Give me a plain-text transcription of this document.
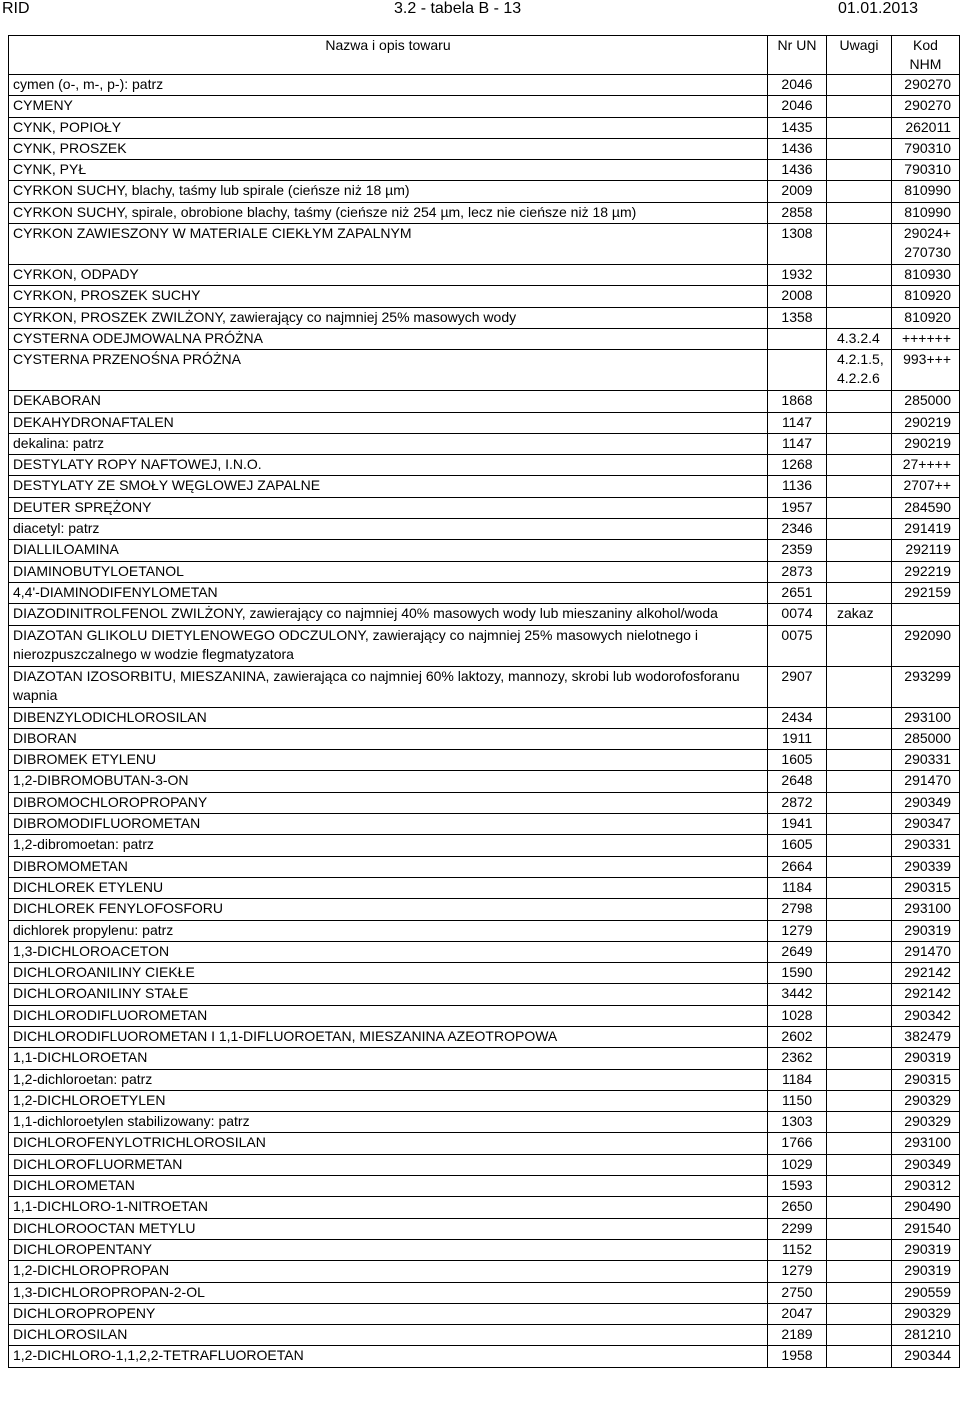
RID	3.2 - tabela B - 13	01.01.2013
Nazwa i opis towaru	Nr UN	Uwagi	Kod NHM
cymen (o-, m-, p-): patrz	2046		290270
CYMENY	2046		290270
CYNK, POPIOŁY	1435		262011
CYNK, PROSZEK	1436		790310
CYNK, PYŁ	1436		790310
CYRKON SUCHY, blachy, taśmy lub spirale (cieńsze niż 18 µm)	2009		810990
CYRKON SUCHY, spirale, obrobione blachy, taśmy (cieńsze niż 254 µm, lecz nie cieńsze niż 18 µm)	2858		810990
CYRKON ZAWIESZONY W MATERIALE CIEKŁYM ZAPALNYM	1308		29024+ 270730
CYRKON, ODPADY	1932		810930
CYRKON, PROSZEK SUCHY	2008		810920
CYRKON, PROSZEK ZWILŻONY, zawierający co najmniej 25% masowych wody	1358		810920
CYSTERNA ODEJMOWALNA PRÓŻNA		4.3.2.4	++++++
CYSTERNA PRZENOŚNA PRÓŻNA		4.2.1.5, 4.2.2.6	993+++
DEKABORAN	1868		285000
DEKAHYDRONAFTALEN	1147		290219
dekalina: patrz	1147		290219
DESTYLATY ROPY NAFTOWEJ, I.N.O.	1268		27++++
DESTYLATY ZE SMOŁY WĘGLOWEJ ZAPALNE	1136		2707++
DEUTER SPRĘŻONY	1957		284590
diacetyl: patrz	2346		291419
DIALLILOAMINA	2359		292119
DIAMINOBUTYLOETANOL	2873		292219
4,4'-DIAMINODIFENYLOMETAN	2651		292159
DIAZODINITROLFENOL ZWILŻONY, zawierający co najmniej 40% masowych wody lub mieszaniny alkohol/woda	0074	zakaz	
DIAZOTAN GLIKOLU DIETYLENOWEGO ODCZULONY, zawierający co najmniej 25% masowych nielotnego i nierozpuszczalnego w wodzie flegmatyzatora	0075		292090
DIAZOTAN IZOSORBITU, MIESZANINA, zawierająca co najmniej 60% laktozy, mannozy, skrobi lub wodorofosforanu wapnia	2907		293299
DIBENZYLODICHLOROSILAN	2434		293100
DIBORAN	1911		285000
DIBROMEK ETYLENU	1605		290331
1,2-DIBROMOBUTAN-3-ON	2648		291470
DIBROMOCHLOROPROPANY	2872		290349
DIBROMODIFLUOROMETAN	1941		290347
1,2-dibromoetan: patrz	1605		290331
DIBROMOMETAN	2664		290339
DICHLOREK ETYLENU	1184		290315
DICHLOREK FENYLOFOSFORU	2798		293100
dichlorek propylenu: patrz	1279		290319
1,3-DICHLOROACETON	2649		291470
DICHLOROANILINY CIEKŁE	1590		292142
DICHLOROANILINY STAŁE	3442		292142
DICHLORODIFLUOROMETAN	1028		290342
DICHLORODIFLUOROMETAN I 1,1-DIFLUOROETAN, MIESZANINA AZEOTROPOWA	2602		382479
1,1-DICHLOROETAN	2362		290319
1,2-dichloroetan: patrz	1184		290315
1,2-DICHLOROETYLEN	1150		290329
1,1-dichloroetylen stabilizowany: patrz	1303		290329
DICHLOROFENYLOTRICHLOROSILAN	1766		293100
DICHLOROFLUORMETAN	1029		290349
DICHLOROMETAN	1593		290312
1,1-DICHLORO-1-NITROETAN	2650		290490
DICHLOROOCTAN METYLU	2299		291540
DICHLOROPENTANY	1152		290319
1,2-DICHLOROPROPAN	1279		290319
1,3-DICHLOROPROPAN-2-OL	2750		290559
DICHLOROPROPENY	2047		290329
DICHLOROSILAN	2189		281210
1,2-DICHLORO-1,1,2,2-TETRAFLUOROETAN	1958		290344
